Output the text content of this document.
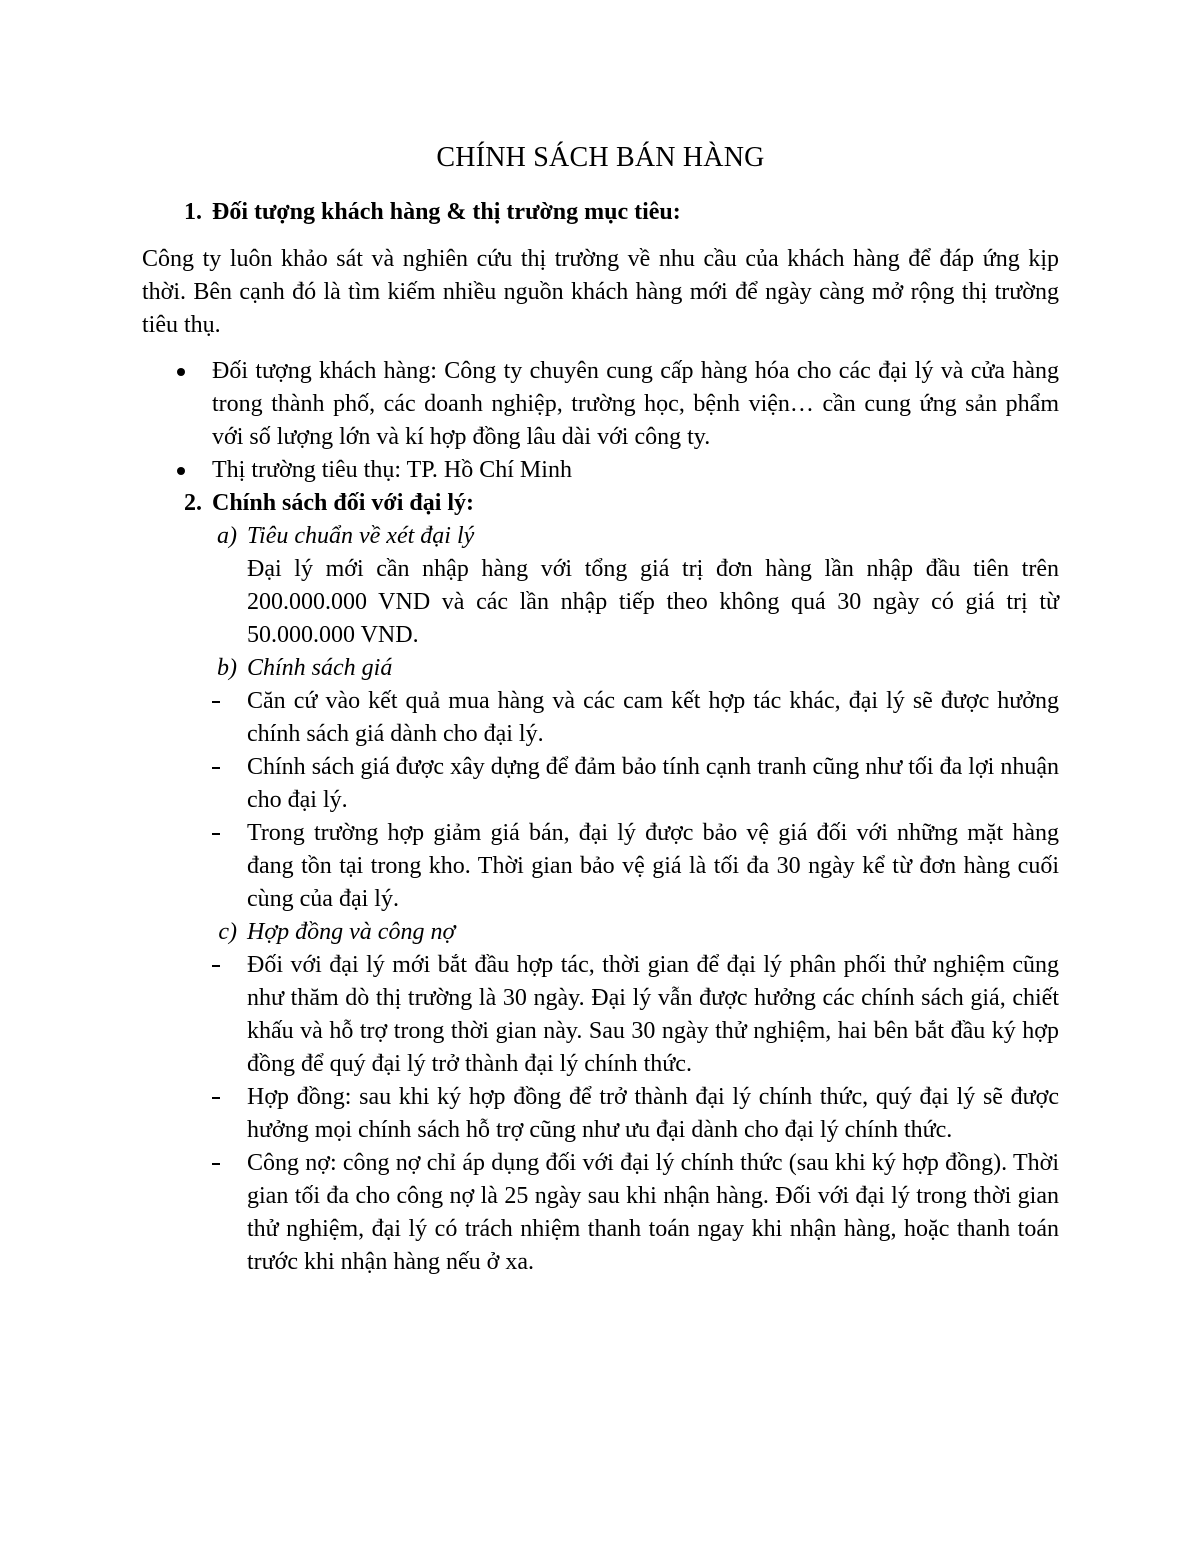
CHÍNH SÁCH BÁN HÀNG
1. Đối tượng khách hàng & thị trường mục tiêu:

Công ty luôn khảo sát và nghiên cứu thị trường về nhu cầu của khách hàng để đáp ứng kịp thời. Bên cạnh đó là tìm kiếm nhiều nguồn khách hàng mới để ngày càng mở rộng thị trường tiêu thụ.

Đối tượng khách hàng: Công ty chuyên cung cấp hàng hóa cho các đại lý và cửa hàng trong thành phố, các doanh nghiệp, trường học, bệnh viện… cần cung ứng sản phẩm với số lượng lớn và kí hợp đồng lâu dài với công ty.
Thị trường tiêu thụ: TP. Hồ Chí Minh
2. Chính sách đối với đại lý:
a) Tiêu chuẩn về xét đại lý

Đại lý mới cần nhập hàng với tổng giá trị đơn hàng lần nhập đầu tiên trên 200.000.000 VND và các lần nhập tiếp theo không quá 30 ngày có giá trị từ 50.000.000 VND.

b) Chính sách giá
Căn cứ vào kết quả mua hàng và các cam kết hợp tác khác, đại lý sẽ được hưởng chính sách giá dành cho đại lý.
Chính sách giá được xây dựng để đảm bảo tính cạnh tranh cũng như tối đa lợi nhuận cho đại lý.
Trong trường hợp giảm giá bán, đại lý được bảo vệ giá đối với những mặt hàng đang tồn tại trong kho. Thời gian bảo vệ giá là tối đa 30 ngày kể từ đơn hàng cuối cùng của đại lý.
c) Hợp đồng và công nợ
Đối với đại lý mới bắt đầu hợp tác, thời gian để đại lý phân phối thử nghiệm cũng như thăm dò thị trường là 30 ngày. Đại lý vẫn được hưởng các chính sách giá, chiết khấu và hỗ trợ trong thời gian này. Sau 30 ngày thử nghiệm, hai bên bắt đầu ký hợp đồng để quý đại lý trở thành đại lý chính thức.
Hợp đồng: sau khi ký hợp đồng để trở thành đại lý chính thức, quý đại lý sẽ được hưởng mọi chính sách hỗ trợ cũng như ưu đại dành cho đại lý chính thức.
Công nợ: công nợ chỉ áp dụng đối với đại lý chính thức (sau khi ký hợp đồng). Thời gian tối đa cho công nợ là 25 ngày sau khi nhận hàng. Đối với đại lý trong thời gian thử nghiệm, đại lý có trách nhiệm thanh toán ngay khi nhận hàng, hoặc thanh toán trước khi nhận hàng nếu ở xa.
